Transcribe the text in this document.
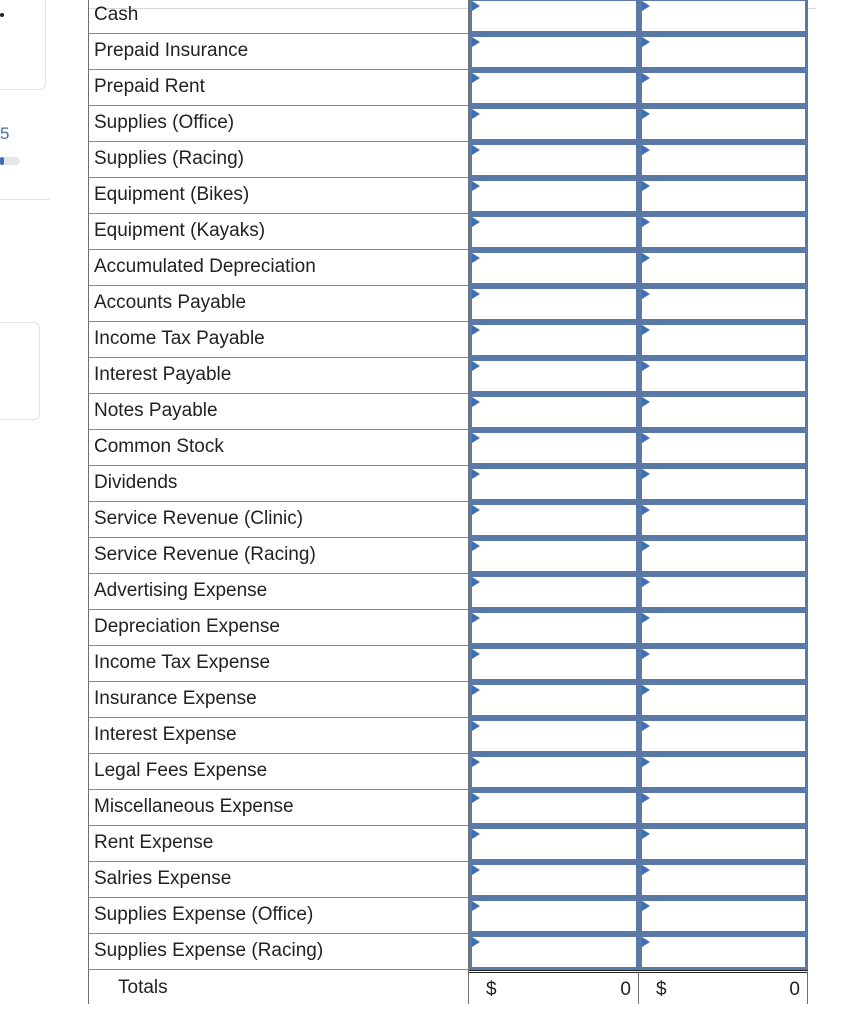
5
Cash
Prepaid Insurance
Prepaid Rent
Supplies (Office)
Supplies (Racing)
Equipment (Bikes)
Equipment (Kayaks)
Accumulated Depreciation
Accounts Payable
Income Tax Payable
Interest Payable
Notes Payable
Common Stock
Dividends
Service Revenue (Clinic)
Service Revenue (Racing)
Advertising Expense
Depreciation Expense
Income Tax Expense
Insurance Expense
Interest Expense
Legal Fees Expense
Miscellaneous Expense
Rent Expense
Salries Expense
Supplies Expense (Office)
Supplies Expense (Racing)
Totals	$	0 $	0
